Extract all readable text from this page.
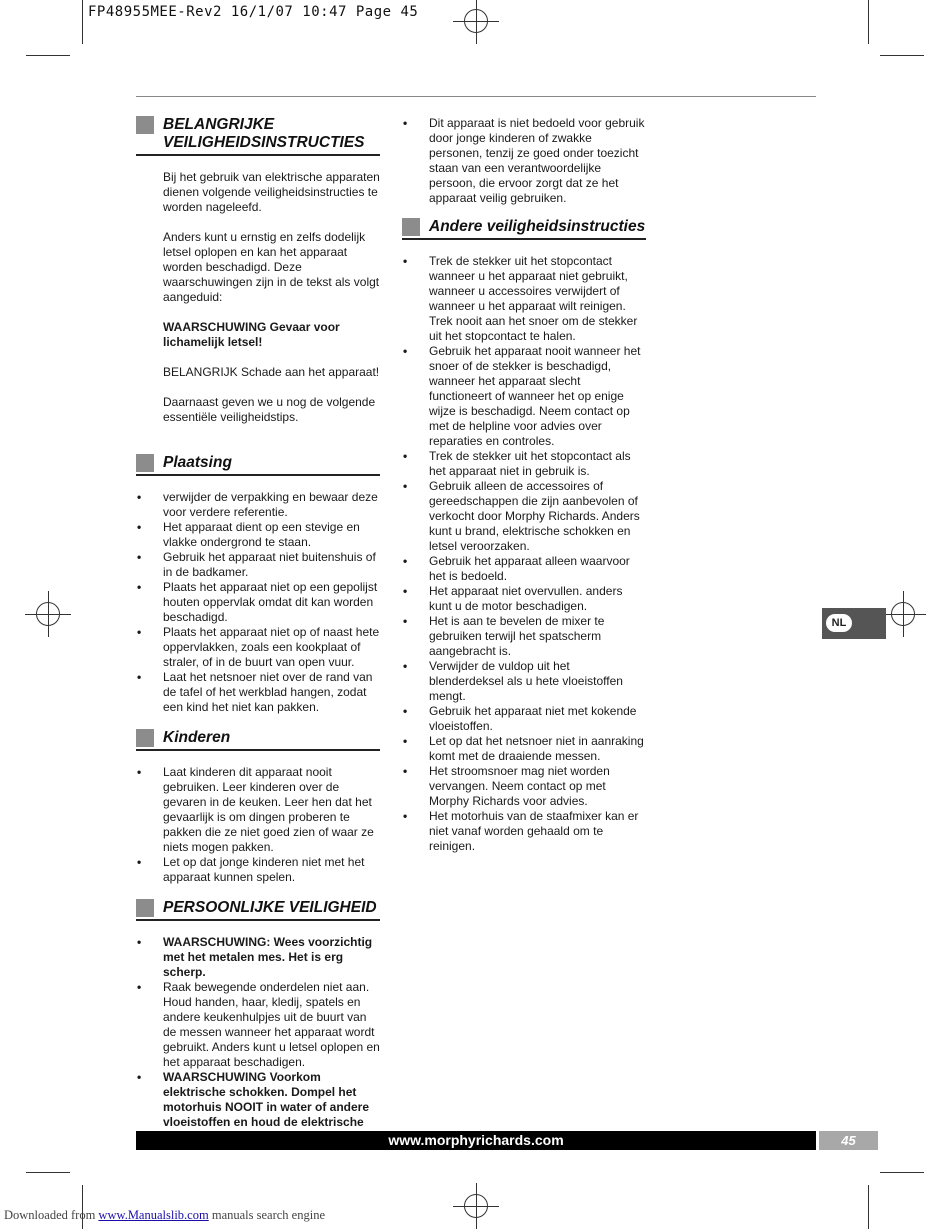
FP48955MEE-Rev2 16/1/07 10:47 Page 45
BELANGRIJKE VEILIGHEIDSINSTRUCTIES

Bij het gebruik van elektrische apparaten dienen volgende veiligheidsinstructies te worden nageleefd.

Anders kunt u ernstig en zelfs dodelijk letsel oplopen en kan het apparaat worden beschadigd. Deze waarschuwingen zijn in de tekst als volgt aangeduid:

WAARSCHUWING Gevaar voor lichamelijk letsel!

BELANGRIJK Schade aan het apparaat!

Daarnaast geven we u nog de volgende essentiële veiligheidstips.

Plaatsing
• verwijder de verpakking en bewaar deze voor verdere referentie.
• Het apparaat dient op een stevige en vlakke ondergrond te staan.
• Gebruik het apparaat niet buitenshuis of in de badkamer.
• Plaats het apparaat niet op een gepolijst houten oppervlak omdat dit kan worden beschadigd.
• Plaats het apparaat niet op of naast hete oppervlakken, zoals een kookplaat of straler, of in de buurt van open vuur.
• Laat het netsnoer niet over de rand van de tafel of het werkblad hangen, zodat een kind het niet kan pakken.
Kinderen
• Laat kinderen dit apparaat nooit gebruiken. Leer kinderen over de gevaren in de keuken. Leer hen dat het gevaarlijk is om dingen proberen te pakken die ze niet goed zien of waar ze niets mogen pakken.
• Let op dat jonge kinderen niet met het apparaat kunnen spelen.
PERSOONLIJKE VEILIGHEID
• WAARSCHUWING: Wees voorzichtig met het metalen mes. Het is erg scherp.
• Raak bewegende onderdelen niet aan. Houd handen, haar, kledij, spatels en andere keukenhulpjes uit de buurt van de messen wanneer het apparaat wordt gebruikt. Anders kunt u letsel oplopen en het apparaat beschadigen.
• WAARSCHUWING Voorkom elektrische schokken. Dompel het motorhuis NOOIT in water of andere vloeistoffen en houd de elektrische
• Dit apparaat is niet bedoeld voor gebruik door jonge kinderen of zwakke personen, tenzij ze goed onder toezicht staan van een verantwoordelijke persoon, die ervoor zorgt dat ze het apparaat veilig gebruiken.
Andere veiligheidsinstructies
• Trek de stekker uit het stopcontact wanneer u het apparaat niet gebruikt, wanneer u accessoires verwijdert of wanneer u het apparaat wilt reinigen. Trek nooit aan het snoer om de stekker uit het stopcontact te halen.
• Gebruik het apparaat nooit wanneer het snoer of de stekker is beschadigd, wanneer het apparaat slecht functioneert of wanneer het op enige wijze is beschadigd. Neem contact op met de helpline voor advies over reparaties en controles.
• Trek de stekker uit het stopcontact als het apparaat niet in gebruik is.
• Gebruik alleen de accessoires of gereedschappen die zijn aanbevolen of verkocht door Morphy Richards. Anders kunt u brand, elektrische schokken en letsel veroorzaken.
• Gebruik het apparaat alleen waarvoor het is bedoeld.
• Het apparaat niet overvullen. anders kunt u de motor beschadigen.
• Het is aan te bevelen de mixer te gebruiken terwijl het spatscherm aangebracht is.
• Verwijder de vuldop uit het blenderdeksel als u hete vloeistoffen mengt.
• Gebruik het apparaat niet met kokende vloeistoffen.
• Let op dat het netsnoer niet in aanraking komt met de draaiende messen.
• Het stroomsnoer mag niet worden vervangen. Neem contact op met Morphy Richards voor advies.
• Het motorhuis van de staafmixer kan er niet vanaf worden gehaald om te reinigen.
NL
www.morphyrichards.com	45
Downloaded from www.Manualslib.com manuals search engine
